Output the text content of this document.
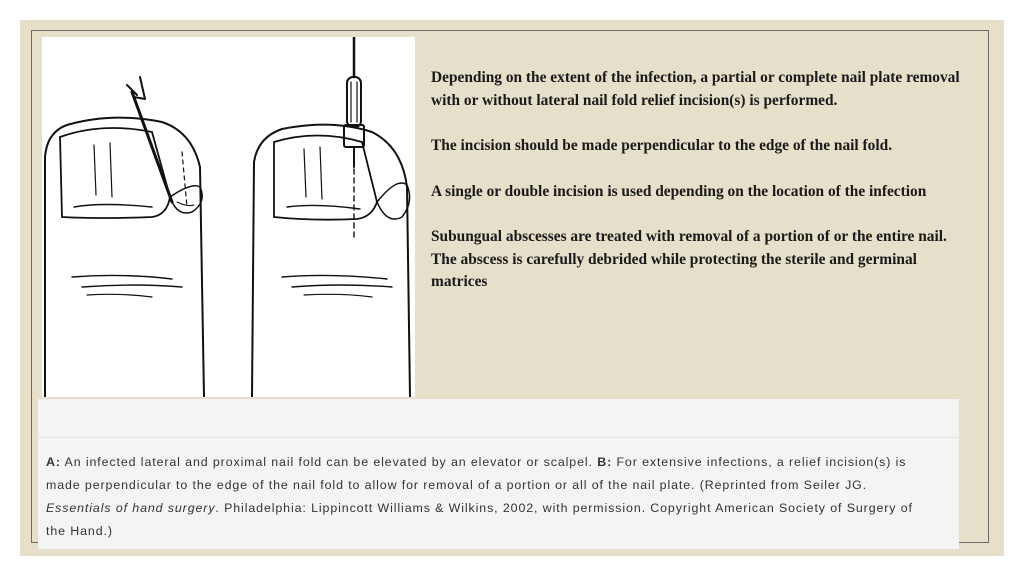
Depending on the extent of the infection, a partial or complete nail plate removal with or without lateral nail fold relief incision(s) is performed.

The incision should be made perpendicular to the edge of the nail fold.

A single or double incision is used depending on the location of the infection

Subungual abscesses are treated with removal of a portion of or the entire nail. The abscess is carefully debrided while protecting the sterile and germinal matrices

A: An infected lateral and proximal nail fold can be elevated by an elevator or scalpel. B: For extensive infections, a relief incision(s) is made perpendicular to the edge of the nail fold to allow for removal of a portion or all of the nail plate. (Reprinted from Seiler JG. Essentials of hand surgery. Philadelphia: Lippincott Williams & Wilkins, 2002, with permission. Copyright American Society of Surgery of the Hand.)
